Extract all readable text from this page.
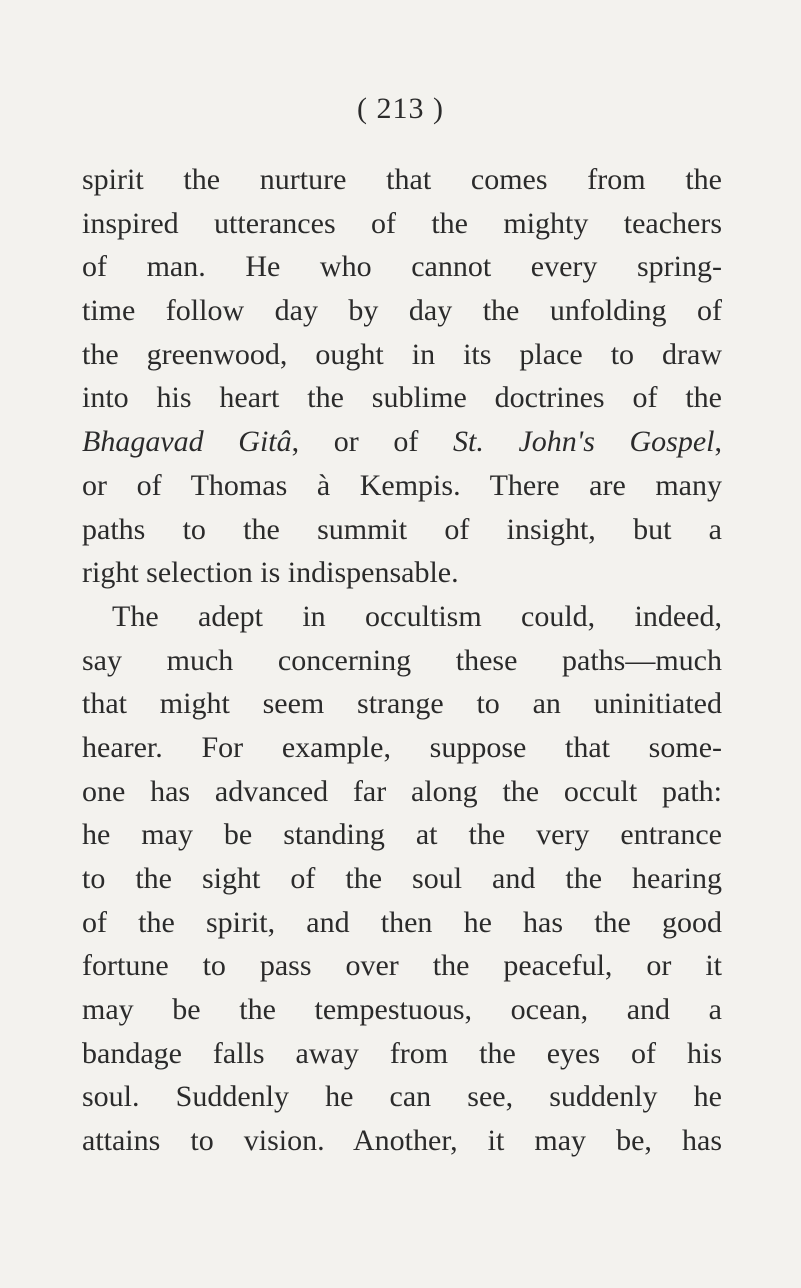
( 213 )
spirit the nurture that comes from the
inspired utterances of the mighty teachers
of man. He who cannot every spring-
time follow day by day the unfolding of
the greenwood, ought in its place to draw
into his heart the sublime doctrines of the
Bhagavad Gitâ, or of St. John's Gospel,
or of Thomas à Kempis. There are many
paths to the summit of insight, but a
right selection is indispensable.
The adept in occultism could, indeed,
say much concerning these paths—much
that might seem strange to an uninitiated
hearer. For example, suppose that some-
one has advanced far along the occult path:
he may be standing at the very entrance
to the sight of the soul and the hearing
of the spirit, and then he has the good
fortune to pass over the peaceful, or it
may be the tempestuous, ocean, and a
bandage falls away from the eyes of his
soul. Suddenly he can see, suddenly he
attains to vision. Another, it may be, has
